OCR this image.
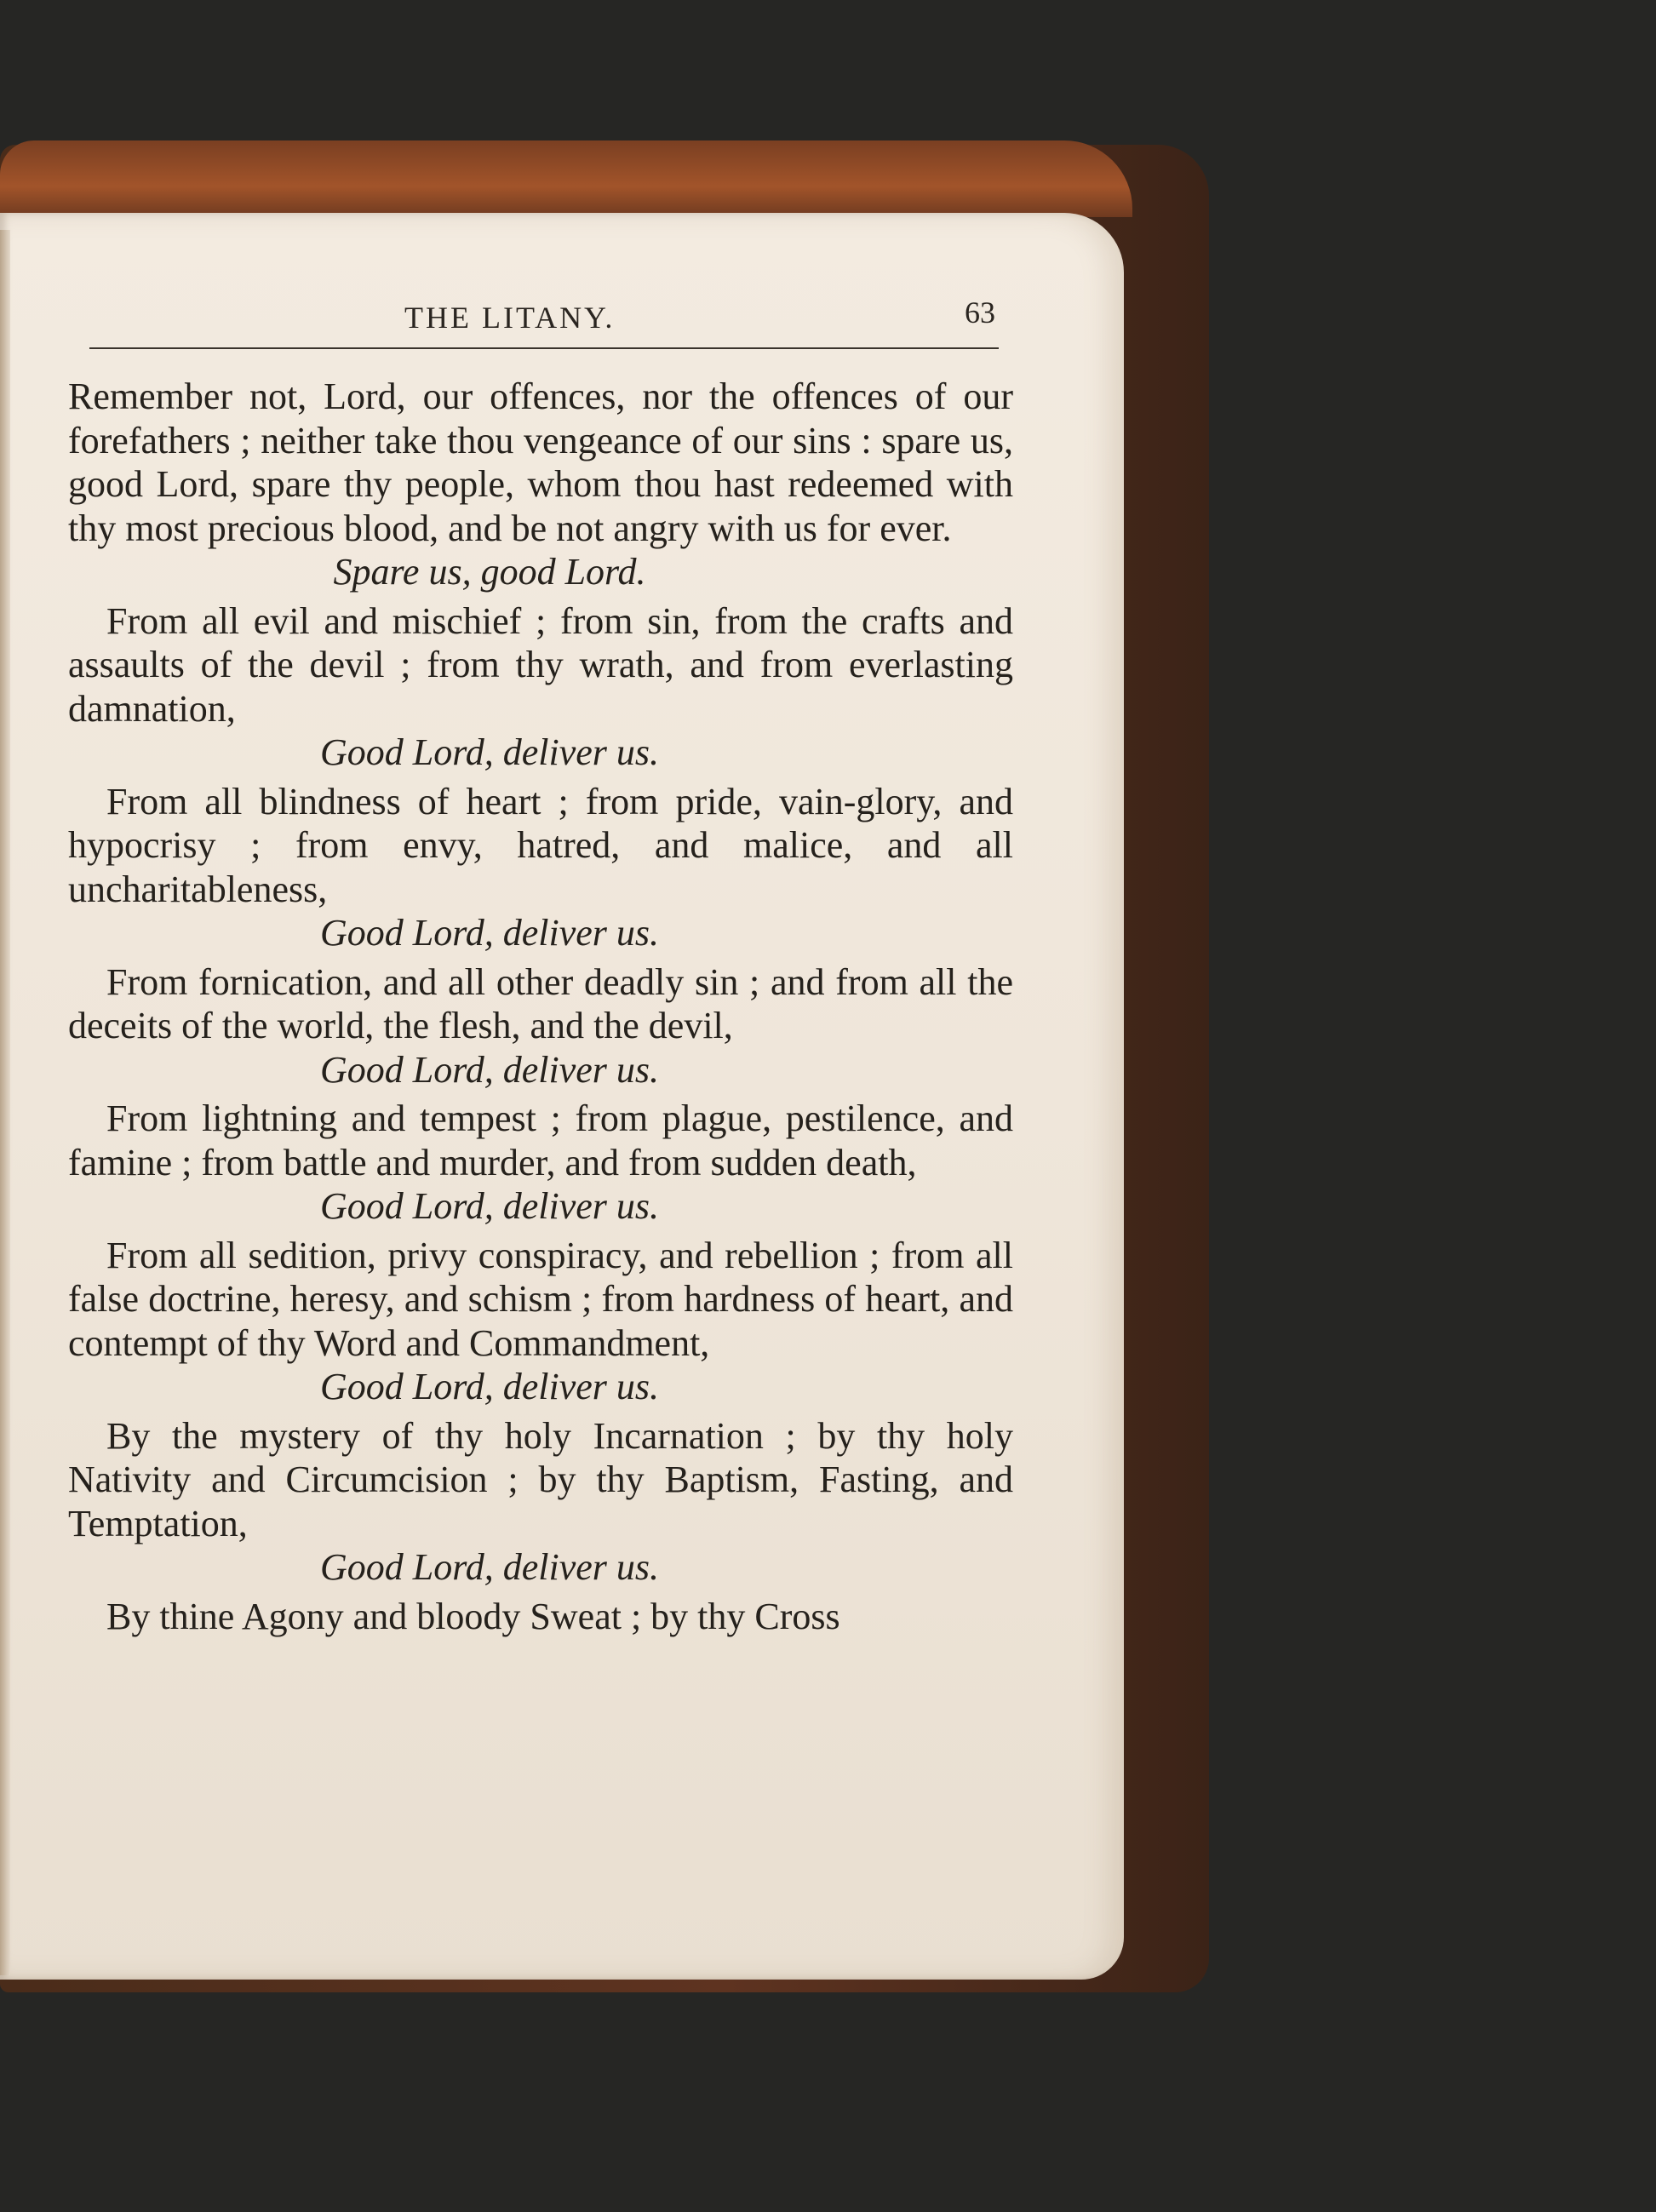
THE LITANY.	63

Remember not, Lord, our offences, nor the offences of our forefathers ; neither take thou vengeance of our sins : spare us, good Lord, spare thy people, whom thou hast redeemed with thy most precious blood, and be not angry with us for ever.

Spare us, good Lord.

From all evil and mischief ; from sin, from the crafts and assaults of the devil ; from thy wrath, and from everlasting damnation,

Good Lord, deliver us.

From all blindness of heart ; from pride, vain-glory, and hypocrisy ; from envy, hatred, and malice, and all uncharitableness,

Good Lord, deliver us.

From fornication, and all other deadly sin ; and from all the deceits of the world, the flesh, and the devil,

Good Lord, deliver us.

From lightning and tempest ; from plague, pestilence, and famine ; from battle and murder, and from sudden death,

Good Lord, deliver us.

From all sedition, privy conspiracy, and rebellion ; from all false doctrine, heresy, and schism ; from hardness of heart, and contempt of thy Word and Commandment,

Good Lord, deliver us.

By the mystery of thy holy Incarnation ; by thy holy Nativity and Circumcision ; by thy Baptism, Fasting, and Temptation,

Good Lord, deliver us.

By thine Agony and bloody Sweat ; by thy Cross
